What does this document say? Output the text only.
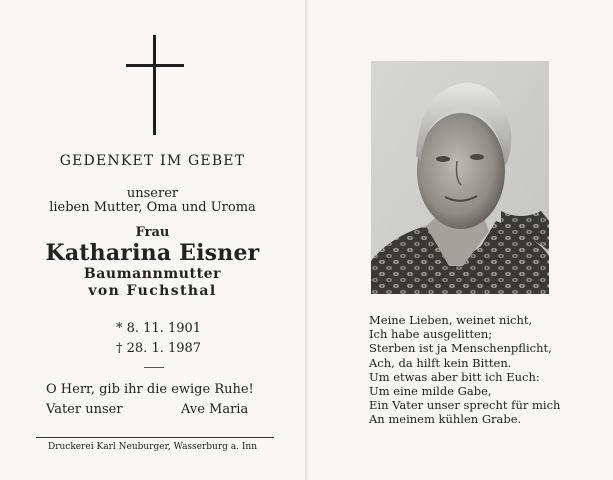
GEDENKET IM GEBET
unserer
lieben Mutter, Oma und Uroma
Frau
Katharina Eisner
Baumannmutter
von Fuchsthal
* 8. 11. 1901
† 28. 1. 1987
O Herr, gib ihr die ewige Ruhe!
Vater unser	Ave Maria
Druckerei Karl Neuburger, Wasserburg a. Inn
Meine Lieben, weinet nicht,
Ich habe ausgelitten;
Sterben ist ja Menschenpflicht,
Ach, da hilft kein Bitten.
Um etwas aber bitt ich Euch:
Um eine milde Gabe,
Ein Vater unser sprecht für mich
An meinem kühlen Grabe.
